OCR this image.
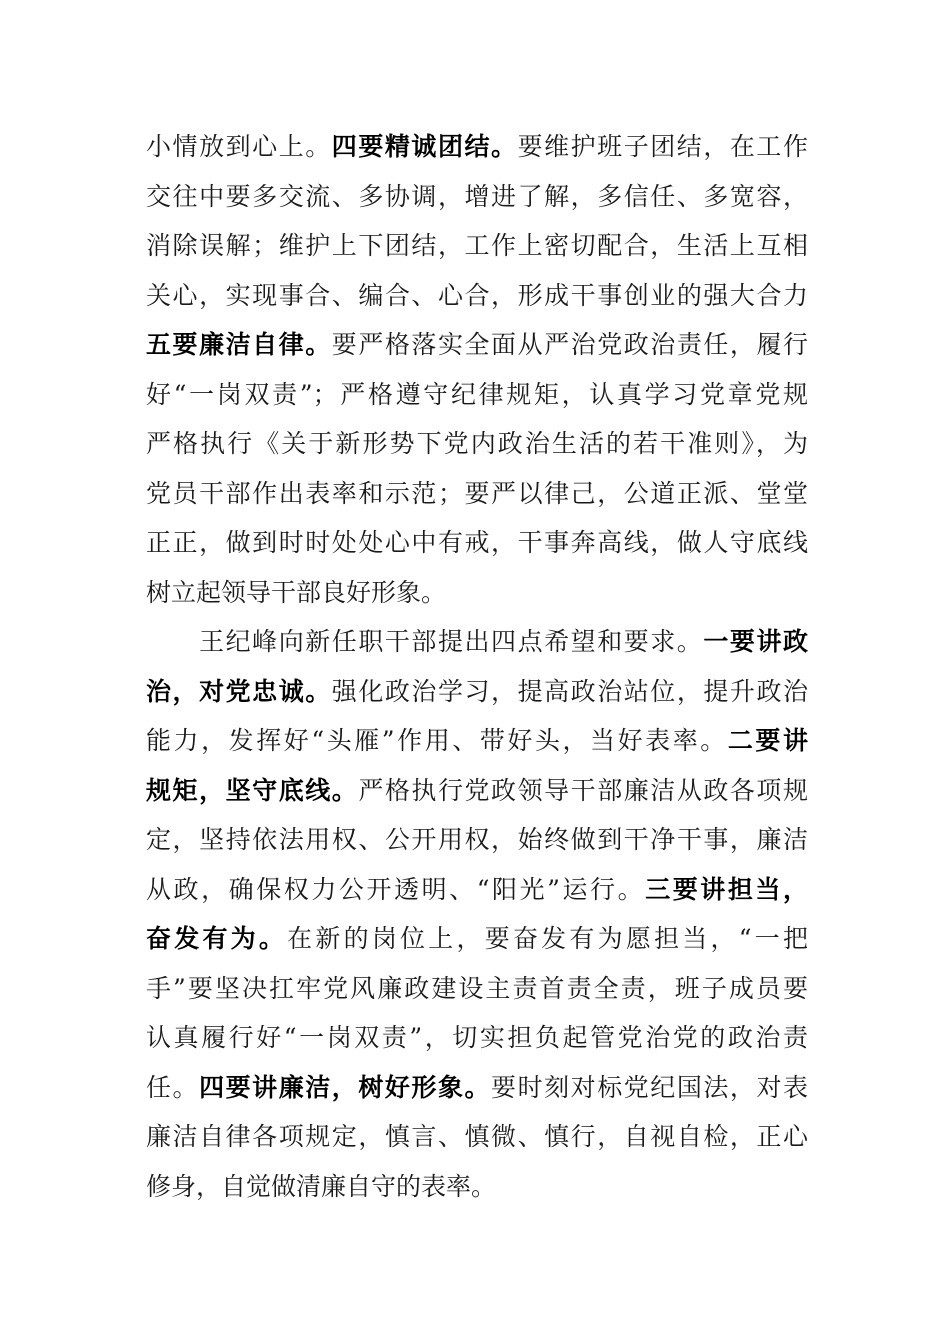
小情放到心上。四要精诚团结。要维护班子团结，在工作
交往中要多交流、多协调，增进了解，多信任、多宽容，
消除误解；维护上下团结，工作上密切配合，生活上互相
关心，实现事合、编合、心合，形成干事创业的强大合力
五要廉洁自律。要严格落实全面从严治党政治责任，履行
好“一岗双责”；严格遵守纪律规矩，认真学习党章党规
严格执行《关于新形势下党内政治生活的若干准则》，为
党员干部作出表率和示范；要严以律己，公道正派、堂堂
正正，做到时时处处心中有戒，干事奔高线，做人守底线
树立起领导干部良好形象。
　　王纪峰向新任职干部提出四点希望和要求。一要讲政
治，对党忠诚。强化政治学习，提高政治站位，提升政治
能力，发挥好“头雁”作用、带好头，当好表率。二要讲
规矩，坚守底线。严格执行党政领导干部廉洁从政各项规
定，坚持依法用权、公开用权，始终做到干净干事，廉洁
从政，确保权力公开透明、“阳光”运行。三要讲担当，
奋发有为。在新的岗位上，要奋发有为愿担当，“一把
手”要坚决扛牢党风廉政建设主责首责全责，班子成员要
认真履行好“一岗双责”，切实担负起管党治党的政治责
任。四要讲廉洁，树好形象。要时刻对标党纪国法，对表
廉洁自律各项规定，慎言、慎微、慎行，自视自检，正心
修身，自觉做清廉自守的表率。
